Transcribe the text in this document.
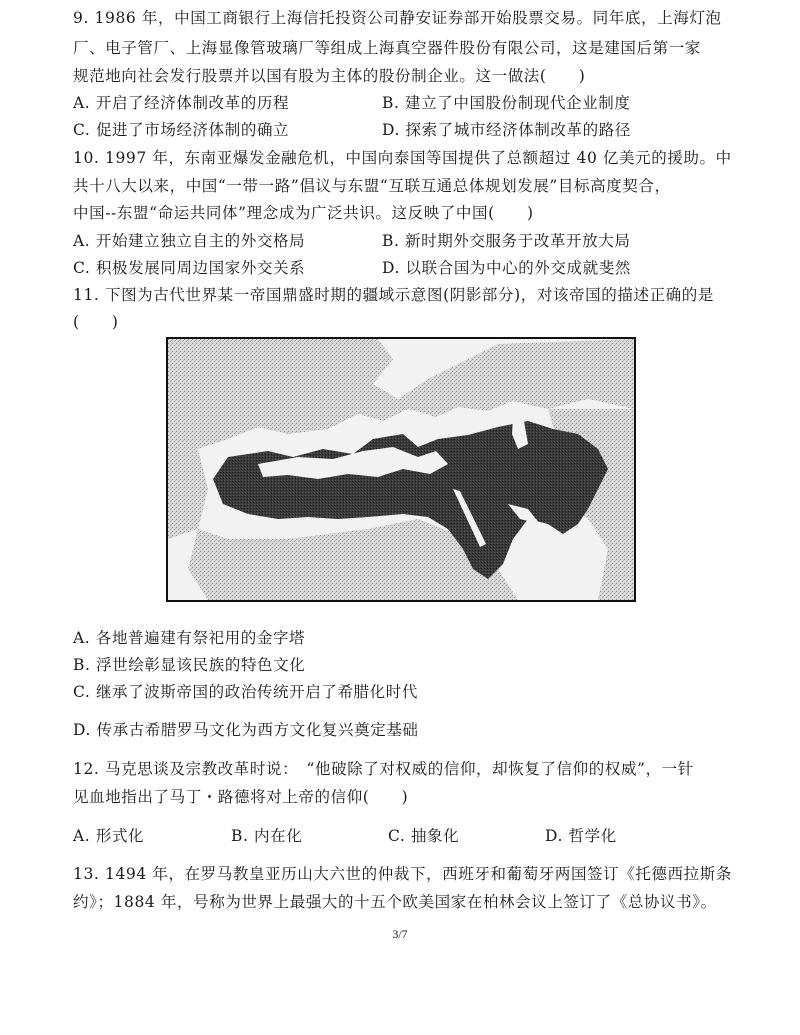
9. 1986 年，中国工商银行上海信托投资公司静安证券部开始股票交易。同年底，上海灯泡
厂、电子管厂、上海显像管玻璃厂等组成上海真空器件股份有限公司，这是建国后第一家
规范地向社会发行股票并以国有股为主体的股份制企业。这一做法(　　)
A. 开启了经济体制改革的历程	B. 建立了中国股份制现代企业制度
C. 促进了市场经济体制的确立	D. 探索了城市经济体制改革的路径
10. 1997 年，东南亚爆发金融危机，中国向泰国等国提供了总额超过 40 亿美元的援助。中
共十八大以来，中国“一带一路”倡议与东盟“互联互通总体规划发展”目标高度契合，
中国--东盟“命运共同体”理念成为广泛共识。这反映了中国(　　)
A. 开始建立独立自主的外交格局	B. 新时期外交服务于改革开放大局
C. 积极发展同周边国家外交关系	D. 以联合国为中心的外交成就斐然
11. 下图为古代世界某一帝国鼎盛时期的疆域示意图(阴影部分)，对该帝国的描述正确的是
(　　)
A. 各地普遍建有祭祀用的金字塔
B. 浮世绘彰显该民族的特色文化
C. 继承了波斯帝国的政治传统开启了希腊化时代
D. 传承古希腊罗马文化为西方文化复兴奠定基础
12. 马克思谈及宗教改革时说：　“他破除了对权威的信仰，却恢复了信仰的权威”，一针
见血地指出了马丁・路德将对上帝的信仰(　　)
A. 形式化	B. 内在化	C. 抽象化	D. 哲学化
13. 1494 年，在罗马教皇亚历山大六世的仲裁下，西班牙和葡萄牙两国签订《托德西拉斯条
约》；1884 年，号称为世界上最强大的十五个欧美国家在柏林会议上签订了《总协议书》。
3/7
